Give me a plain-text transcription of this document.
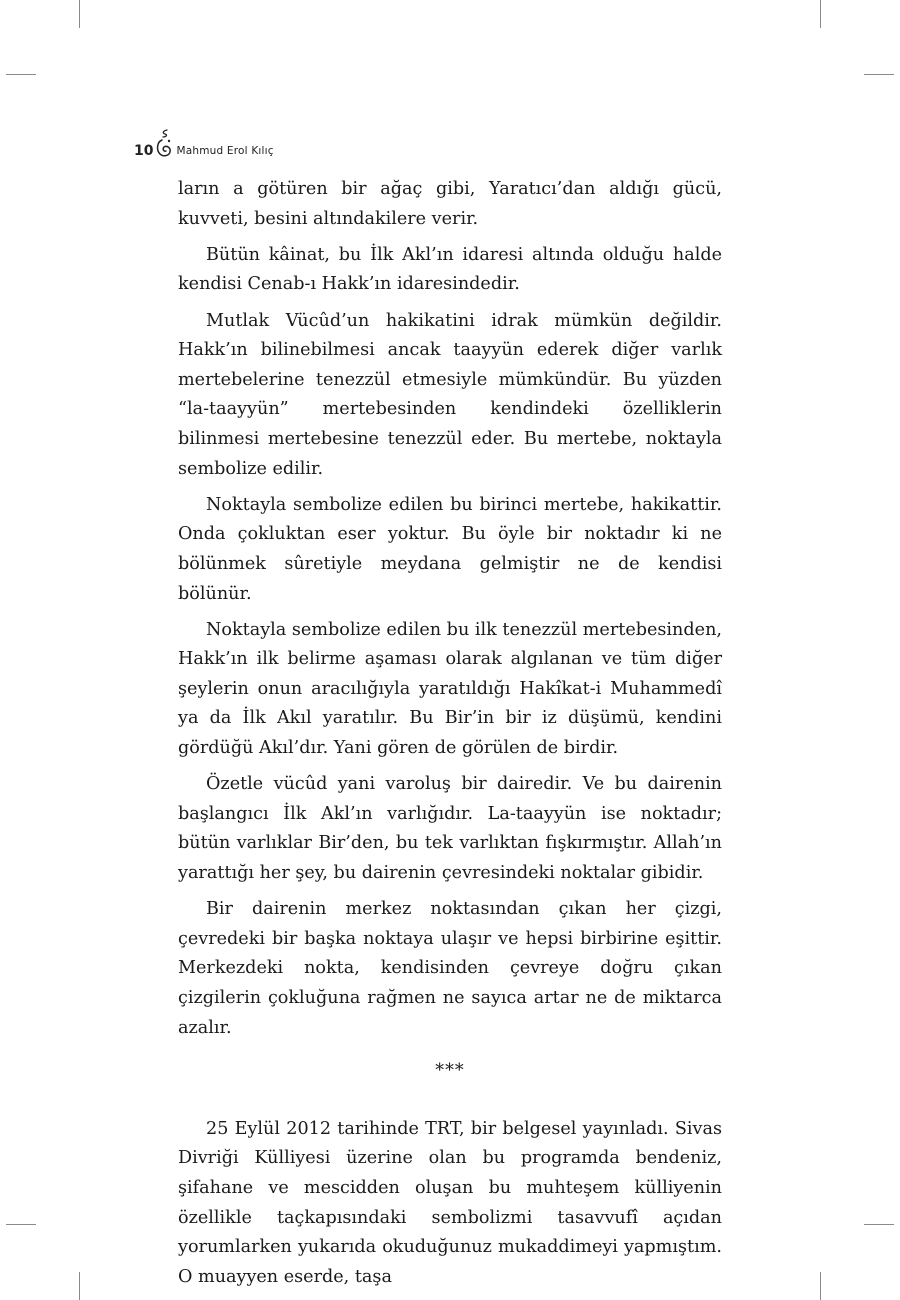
10 Mahmud Erol Kılıç

ların a götüren bir ağaç gibi, Yaratıcı’dan aldığı gücü, kuvveti, besini altındakilere verir.

Bütün kâinat, bu İlk Akl’ın idaresi altında olduğu halde kendisi Cenab-ı Hakk’ın idaresindedir.

Mutlak Vücûd’un hakikatini idrak mümkün değildir. Hakk’ın bilinebilmesi ancak taayyün ederek diğer varlık mertebelerine tenezzül etmesiyle mümkündür. Bu yüzden “la-taayyün” mertebesinden kendindeki özelliklerin bilinmesi mertebesine tenezzül eder. Bu mertebe, noktayla sembolize edilir.

Noktayla sembolize edilen bu birinci mertebe, hakikattir. Onda çokluktan eser yoktur. Bu öyle bir noktadır ki ne bölünmek sûretiyle meydana gelmiştir ne de kendisi bölünür.

Noktayla sembolize edilen bu ilk tenezzül mertebesinden, Hakk’ın ilk belirme aşaması olarak algılanan ve tüm diğer şeylerin onun aracılığıyla yaratıldığı Hakîkat-i Muhammedî ya da İlk Akıl yaratılır. Bu Bir’in bir iz düşümü, kendini gördüğü Akıl’dır. Yani gören de görülen de birdir.

Özetle vücûd yani varoluş bir dairedir. Ve bu dairenin başlangıcı İlk Akl’ın varlığıdır. La-taayyün ise noktadır; bütün varlıklar Bir’den, bu tek varlıktan fışkırmıştır. Allah’ın yarattığı her şey, bu dairenin çevresindeki noktalar gibidir.

Bir dairenin merkez noktasından çıkan her çizgi, çevredeki bir başka noktaya ulaşır ve hepsi birbirine eşittir. Merkezdeki nokta, kendisinden çevreye doğru çıkan çizgilerin çokluğuna rağmen ne sayıca artar ne de miktarca azalır.

***

25 Eylül 2012 tarihinde TRT, bir belgesel yayınladı. Sivas Divriği Külliyesi üzerine olan bu programda bendeniz, şifahane ve mescidden oluşan bu muhteşem külliyenin özellikle taçkapısındaki sembolizmi tasavvufî açıdan yorumlarken yukarıda okuduğunuz mukaddimeyi yapmıştım. O muayyen eserde, taşa
